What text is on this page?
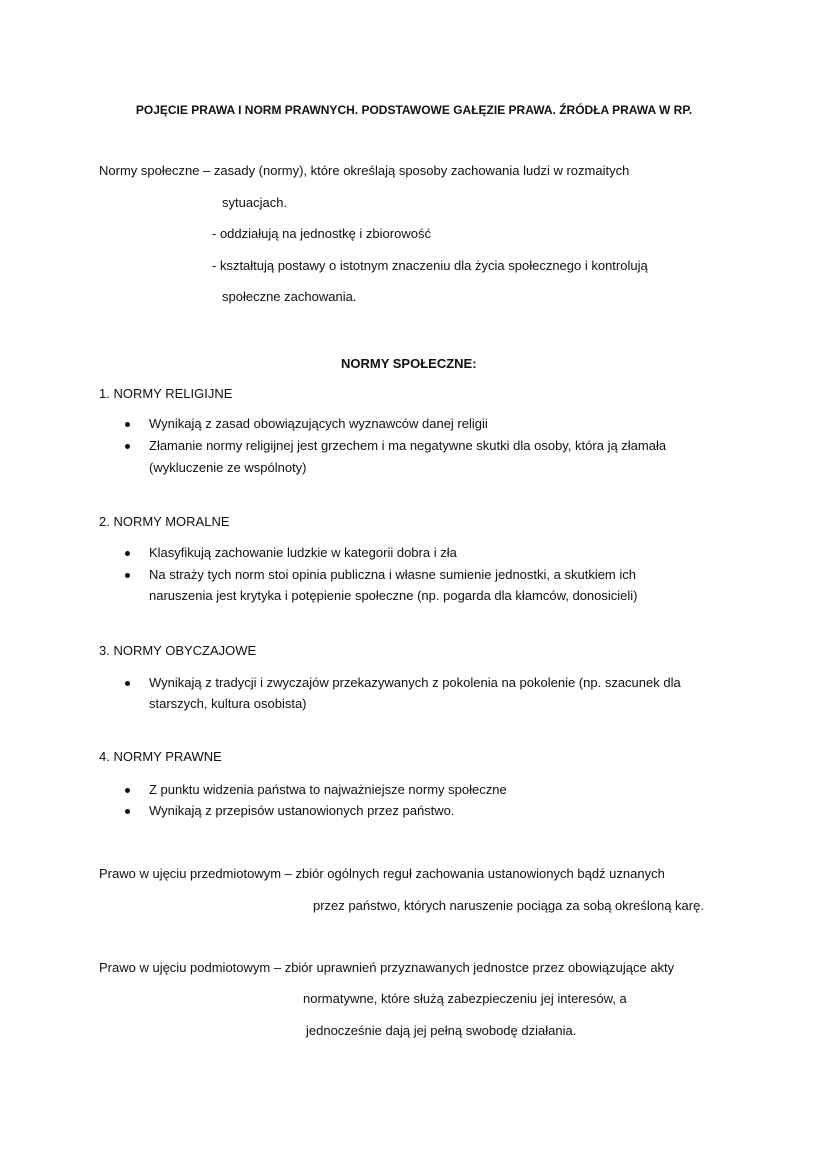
POJĘCIE PRAWA I NORM PRAWNYCH. PODSTAWOWE GAŁĘZIE PRAWA. ŹRÓDŁA PRAWA W RP.
Normy społeczne – zasady (normy), które określają sposoby zachowania ludzi w rozmaitych
sytuacjach.
- oddziałują na jednostkę i zbiorowość
- kształtują postawy o istotnym znaczeniu dla życia społecznego i kontrolują
społeczne zachowania.
NORMY SPOŁECZNE:
1. NORMY RELIGIJNE
Wynikają z zasad obowiązujących wyznawców danej religii
Złamanie normy religijnej jest grzechem i ma negatywne skutki dla osoby, która ją złamała
(wykluczenie ze wspólnoty)
2. NORMY MORALNE
Klasyfikują zachowanie ludzkie w kategorii dobra i zła
Na straży tych norm stoi opinia publiczna i własne sumienie jednostki, a skutkiem ich
naruszenia jest krytyka i potępienie społeczne (np. pogarda dla kłamców, donosicieli)
3. NORMY OBYCZAJOWE
Wynikają z tradycji i zwyczajów przekazywanych z pokolenia na pokolenie (np. szacunek dla
starszych, kultura osobista)
4. NORMY PRAWNE
Z punktu widzenia państwa to najważniejsze normy społeczne
Wynikają z przepisów ustanowionych przez państwo.
Prawo w ujęciu przedmiotowym – zbiór ogólnych reguł zachowania ustanowionych bądź uznanych
przez państwo, których naruszenie pociąga za sobą określoną karę.
Prawo w ujęciu podmiotowym – zbiór uprawnień przyznawanych jednostce przez obowiązujące akty
normatywne, które służą zabezpieczeniu jej interesów, a
jednocześnie dają jej pełną swobodę działania.
